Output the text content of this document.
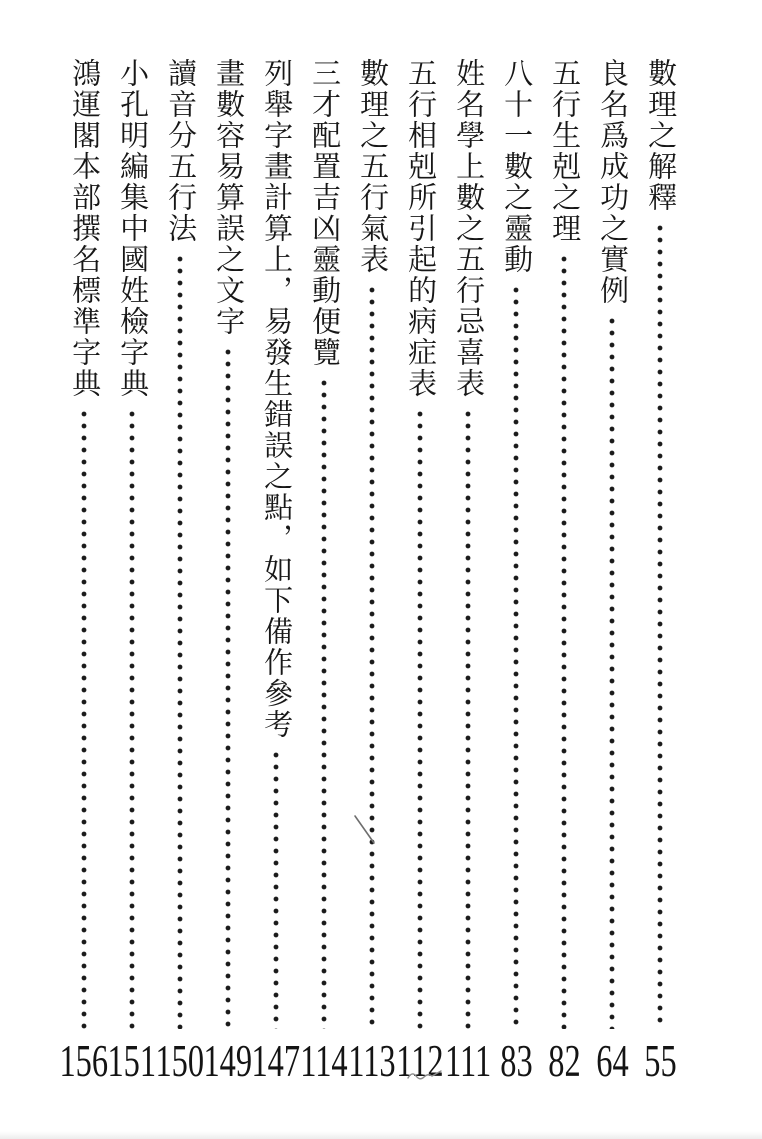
數理之解釋
55
良名爲成功之實例
64
五行生剋之理
82
八十一數之靈動
83
姓名學上數之五行忌喜表
111
五行相剋所引起的病症表
112
數理之五行氣表
113
三才配置吉凶靈動便覽
114
列舉字畫計算上，易發生錯誤之點，如下備作參考
147
畫數容易算誤之文字
149
讀音分五行法
150
小孔明編集中國姓檢字典
151
鴻運閣本部撰名標準字典
156
